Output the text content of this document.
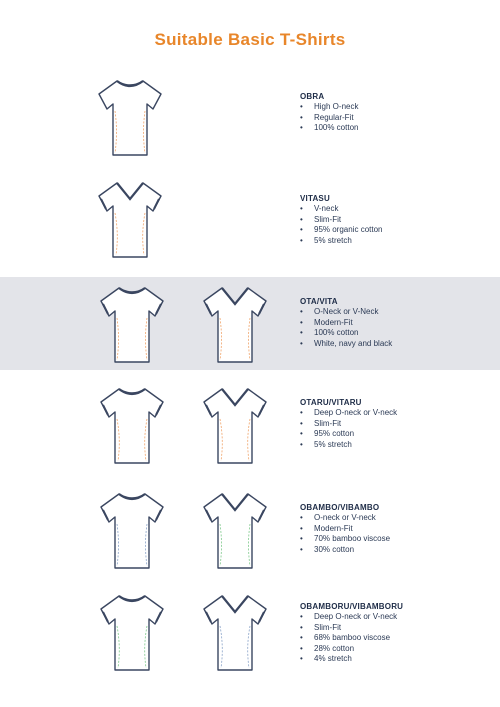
Suitable Basic T-Shirts
OBRA
• High O-neck
• Regular-Fit
• 100% cotton
VITASU
• V-neck
• Slim-Fit
• 95% organic cotton
• 5% stretch
OTA/VITA
• O-Neck or V-Neck
• Modern-Fit
• 100% cotton
• White, navy and black
OTARU/VITARU
• Deep O-neck or V-neck
• Slim-Fit
• 95% cotton
• 5% stretch
OBAMBO/VIBAMBO
• O-neck or V-neck
• Modern-Fit
• 70% bamboo viscose
• 30% cotton
OBAMBORU/VIBAMBORU
• Deep O-neck or V-neck
• Slim-Fit
• 68% bamboo viscose
• 28% cotton
• 4% stretch
